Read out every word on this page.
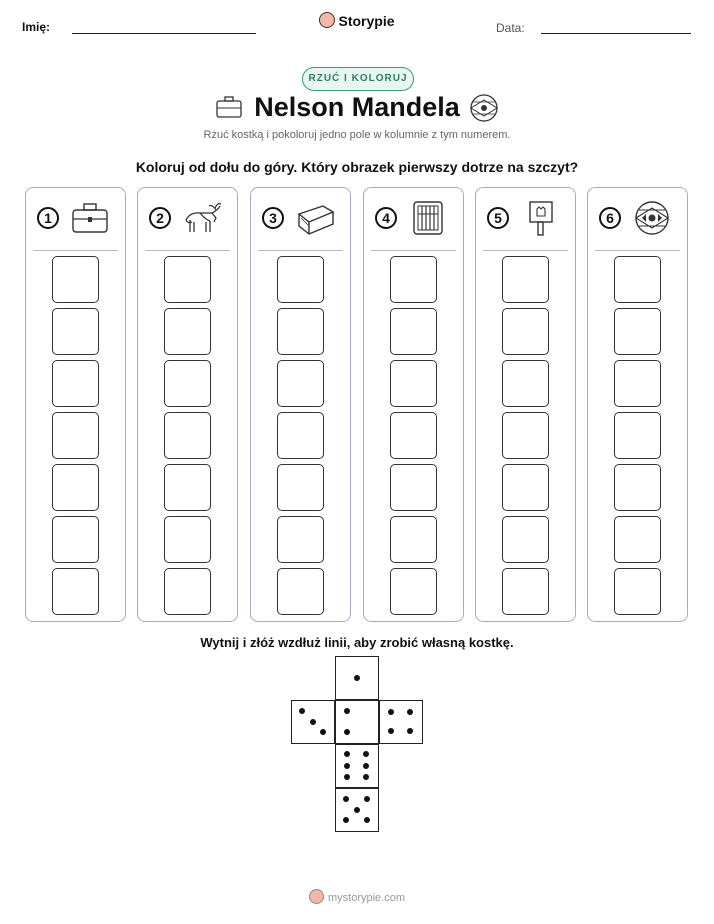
Imię:	Storypie	Data:
RZUĆ I KOLORUJ
Nelson Mandela
Rzuć kostką i pokoloruj jedno pole w kolumnie z tym numerem.
Koloruj od dołu do góry. Który obrazek pierwszy dotrze na szczyt?
1	2	3	4	5	6
Wytnij i złóż wzdłuż linii, aby zrobić własną kostkę.
mystorypie.com
